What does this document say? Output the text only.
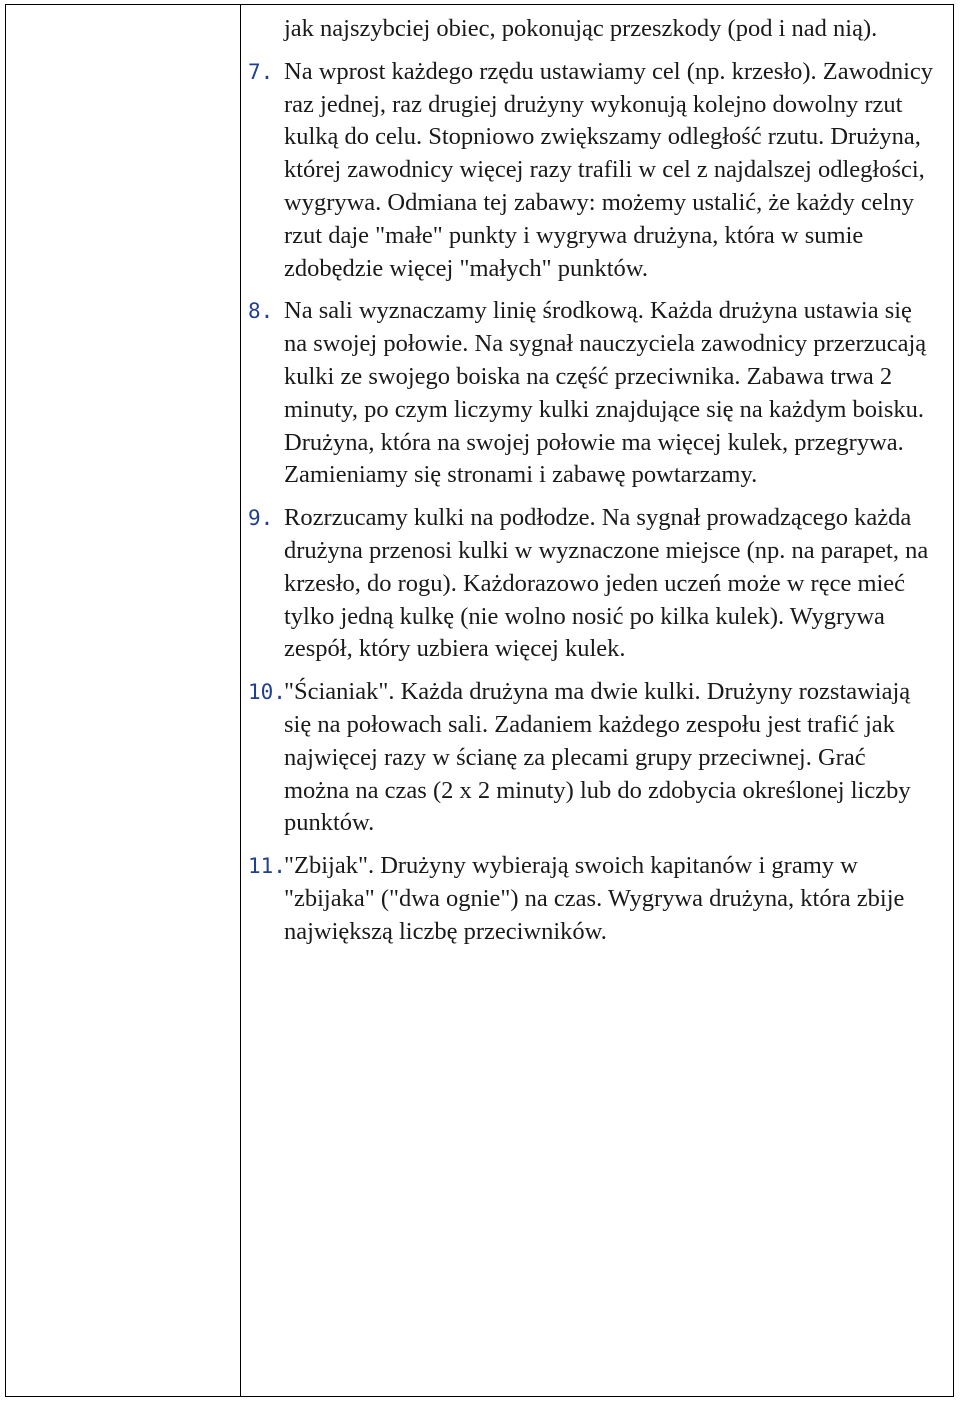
jak najszybciej obiec, pokonując przeszkody (pod i nad nią).
7. Na wprost każdego rzędu ustawiamy cel (np. krzesło). Zawodnicy raz jednej, raz drugiej drużyny wykonują kolejno dowolny rzut kulką do celu. Stopniowo zwiększamy odległość rzutu. Drużyna, której zawodnicy więcej razy trafili w cel z najdalszej odległości, wygrywa. Odmiana tej zabawy: możemy ustalić, że każdy celny rzut daje "małe" punkty i wygrywa drużyna, która w sumie zdobędzie więcej "małych" punktów.
8. Na sali wyznaczamy linię środkową. Każda drużyna ustawia się na swojej połowie. Na sygnał nauczyciela zawodnicy przerzucają kulki ze swojego boiska na część przeciwnika. Zabawa trwa 2 minuty, po czym liczymy kulki znajdujące się na każdym boisku. Drużyna, która na swojej połowie ma więcej kulek, przegrywa. Zamieniamy się stronami i zabawę powtarzamy.
9. Rozrzucamy kulki na podłodze. Na sygnał prowadzącego każda drużyna przenosi kulki w wyznaczone miejsce (np. na parapet, na krzesło, do rogu). Każdorazowo jeden uczeń może w ręce mieć tylko jedną kulkę (nie wolno nosić po kilka kulek). Wygrywa zespół, który uzbiera więcej kulek.
10.
"Ścianiak". Każda drużyna ma dwie kulki. Drużyny rozstawiają się na połowach sali. Zadaniem każdego zespołu jest trafić jak najwięcej razy w ścianę za plecami grupy przeciwnej. Grać można na czas (2 x 2 minuty) lub do zdobycia określonej liczby punktów.
11.
"Zbijak". Drużyny wybierają swoich kapitanów i gramy w "zbijaka" ("dwa ognie") na czas. Wygrywa drużyna, która zbije największą liczbę przeciwników.
